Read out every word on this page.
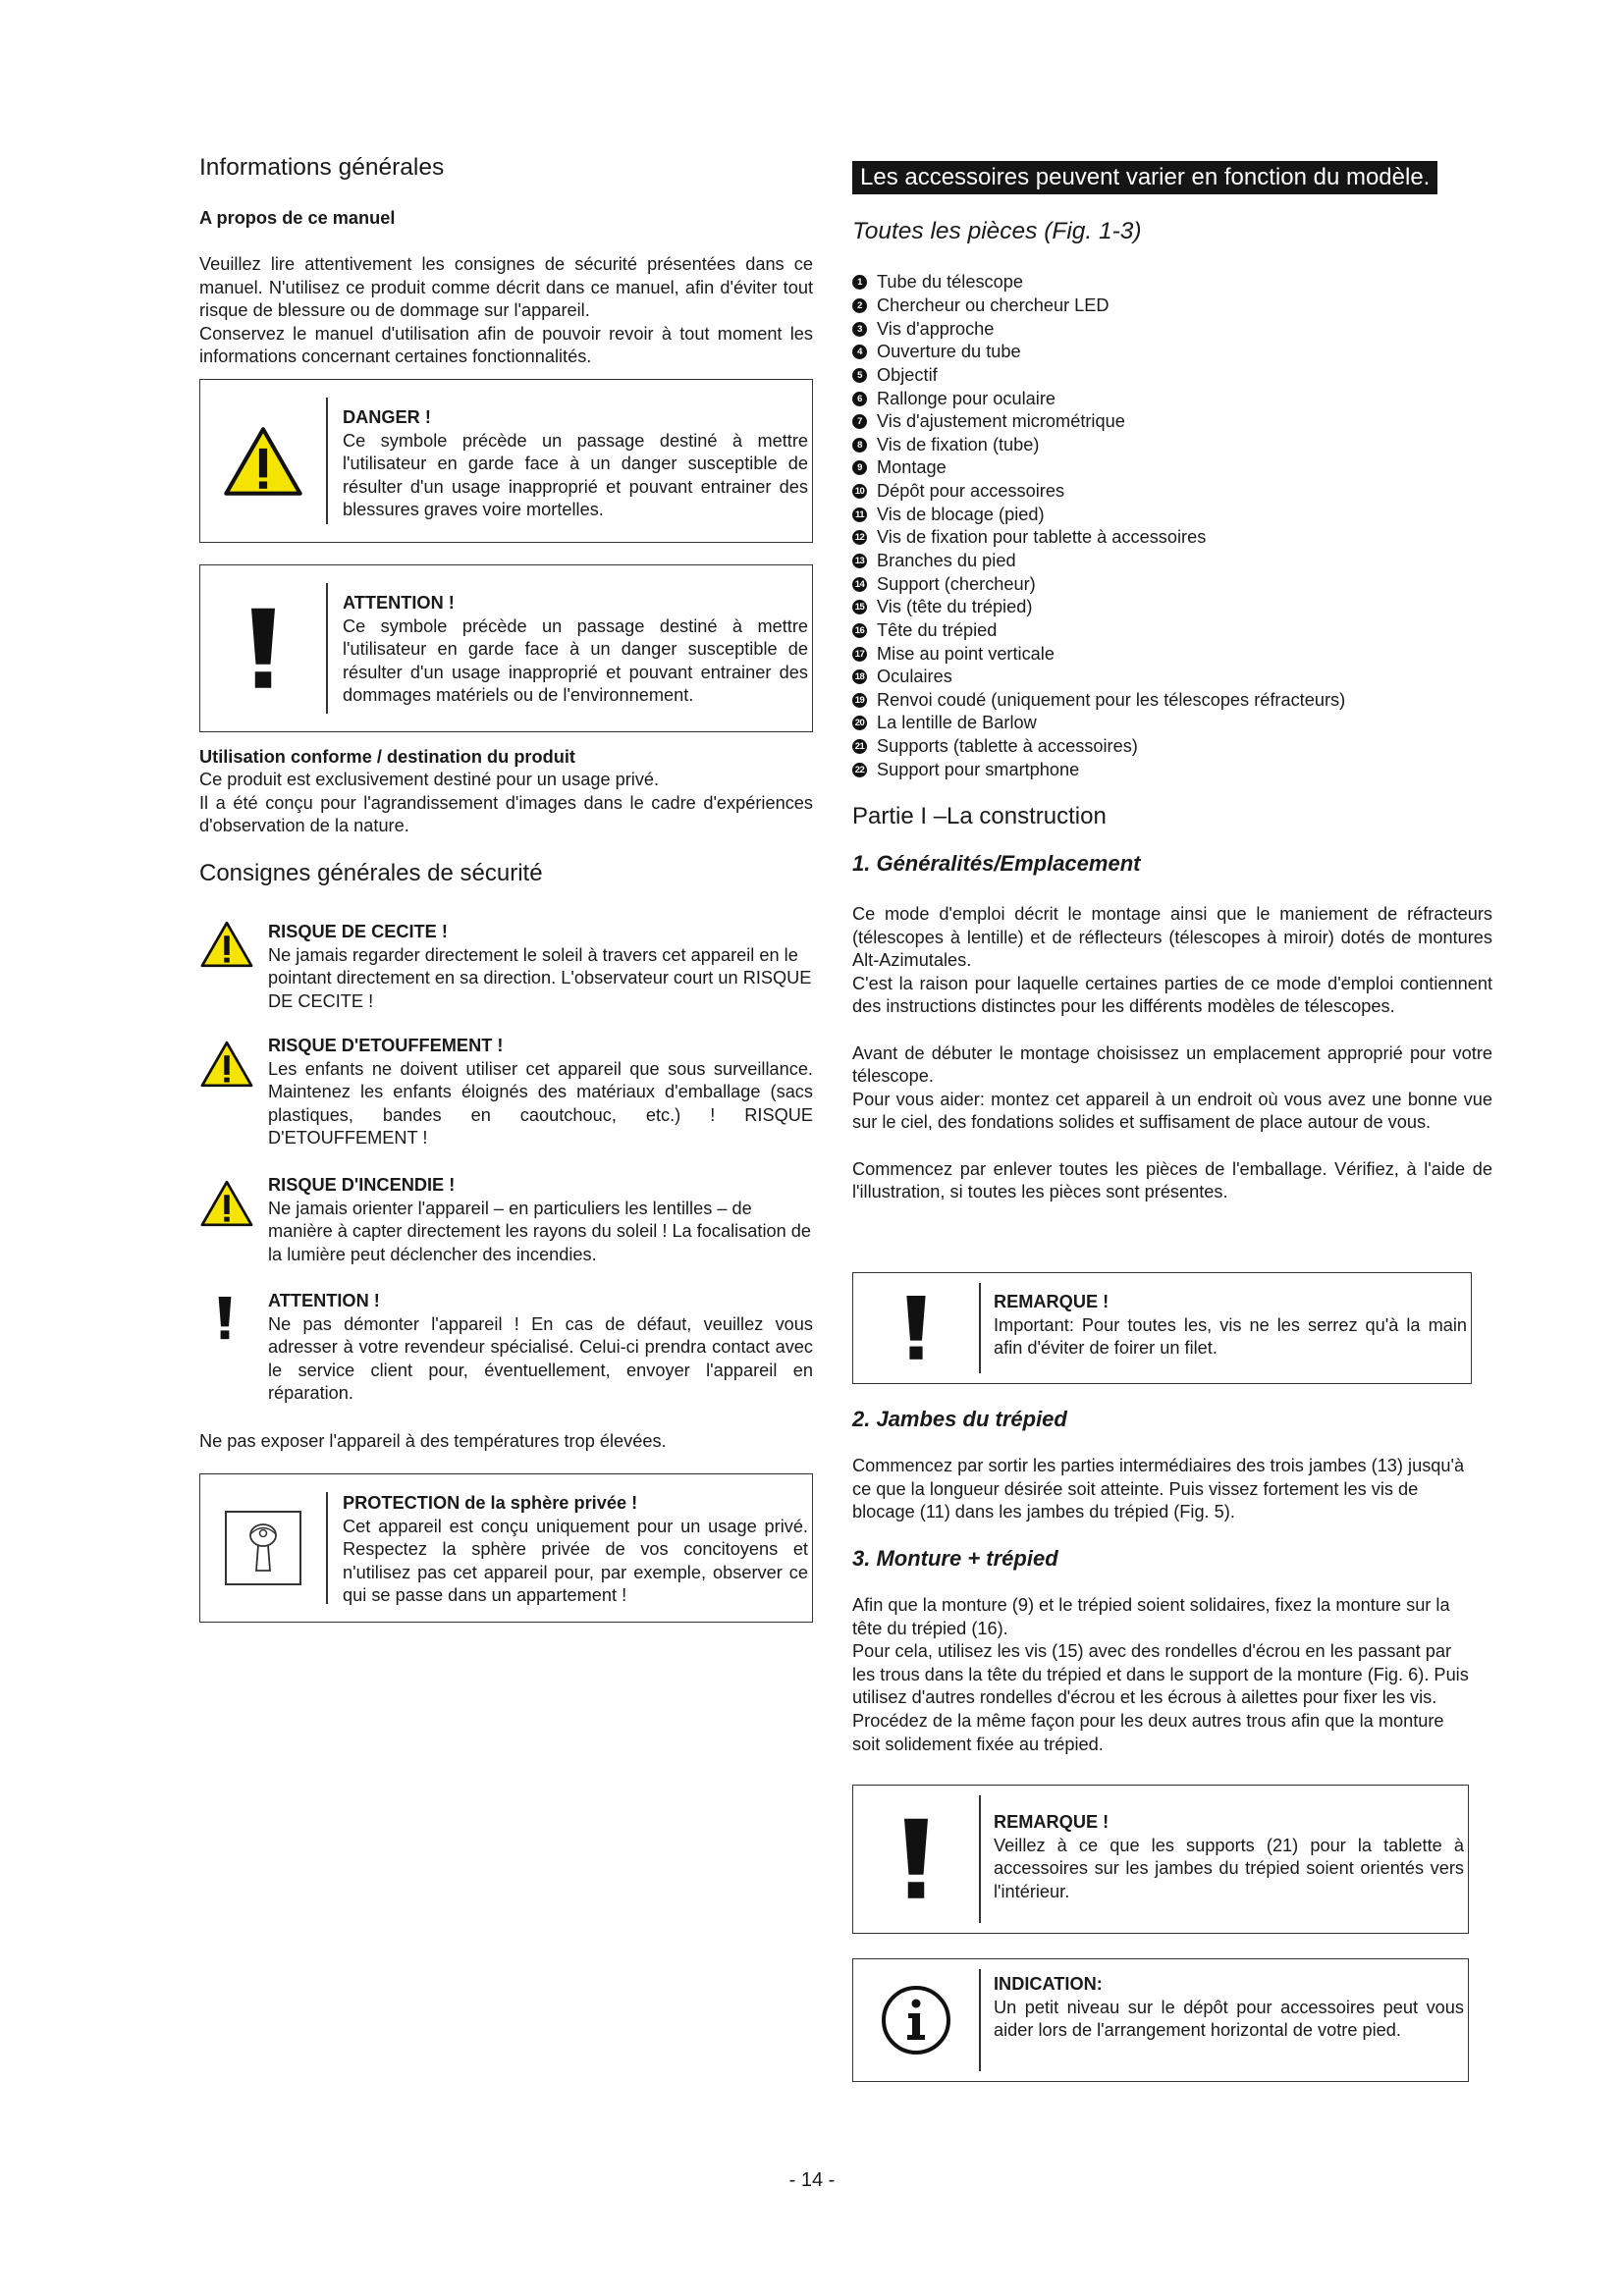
Informations générales

A propos de ce manuel

Veuillez lire attentivement les consignes de sécurité présentées dans ce manuel. N'utilisez ce produit comme décrit dans ce manuel, afin d'éviter tout risque de blessure ou de dommage sur l'appareil.

Conservez le manuel d'utilisation afin de pouvoir revoir à tout moment les informations concernant certaines fonctionnalités.

DANGER !

Ce symbole précède un passage destiné à mettre l'utilisateur en garde face à un danger susceptible de résulter d'un usage inapproprié et pouvant entrainer des blessures graves voire mortelles.

ATTENTION !

Ce symbole précède un passage destiné à mettre l'utilisateur en garde face à un danger susceptible de résulter d'un usage inapproprié et pouvant entrainer des dommages matériels ou de l'environnement.

Utilisation conforme / destination du produit

Ce produit est exclusivement destiné pour un usage privé.

Il a été conçu pour l'agrandissement d'images dans le cadre d'expériences d'observation de la nature.

Consignes générales de sécurité

RISQUE DE CECITE !

Ne jamais regarder directement le soleil à travers cet appareil en le pointant directement en sa direction. L'observateur court un RISQUE DE CECITE !

RISQUE D'ETOUFFEMENT !

Les enfants ne doivent utiliser cet appareil que sous surveillance. Maintenez les enfants éloignés des matériaux d'emballage (sacs plastiques, bandes en caoutchouc, etc.) ! RISQUE D'ETOUFFEMENT !

RISQUE D'INCENDIE !

Ne jamais orienter l'appareil – en particuliers les lentilles – de manière à capter directement les rayons du soleil ! La focalisation de la lumière peut déclencher des incendies.

ATTENTION !

Ne pas démonter l'appareil ! En cas de défaut, veuillez vous adresser à votre revendeur spécialisé. Celui-ci prendra contact avec le service client pour, éventuellement, envoyer l'appareil en réparation.

Ne pas exposer l'appareil à des températures trop élevées.

PROTECTION de la sphère privée !

Cet appareil est conçu uniquement pour un usage privé. Respectez la sphère privée de vos concitoyens et n'utilisez pas cet appareil pour, par exemple, observer ce qui se passe dans un appartement !

Les accessoires peuvent varier en fonction du modèle.
Toutes les pièces (Fig. 1-3)
1 Tube du télescope
2 Chercheur ou chercheur LED
3 Vis d'approche
4 Ouverture du tube
5 Objectif
6 Rallonge pour oculaire
7 Vis d'ajustement micrométrique
8 Vis de fixation (tube)
9 Montage
10 Dépôt pour accessoires
11 Vis de blocage (pied)
12 Vis de fixation pour tablette à accessoires
13 Branches du pied
14 Support (chercheur)
15 Vis (tête du trépied)
16 Tête du trépied
17 Mise au point verticale
18 Oculaires
19 Renvoi coudé (uniquement pour les télescopes réfracteurs)
20 La lentille de Barlow
21 Supports (tablette à accessoires)
22 Support pour smartphone
Partie I –La construction
1. Généralités/Emplacement

Ce mode d'emploi décrit le montage ainsi que le maniement de réfracteurs (télescopes à lentille) et de réflecteurs (télescopes à miroir) dotés de montures Alt-Azimutales.

C'est la raison pour laquelle certaines parties de ce mode d'emploi contiennent des instructions distinctes pour les différents modèles de télescopes.

Avant de débuter le montage choisissez un emplacement approprié pour votre télescope.

Pour vous aider: montez cet appareil à un endroit où vous avez une bonne vue sur le ciel, des fondations solides et suffisament de place autour de vous.

Commencez par enlever toutes les pièces de l'emballage. Vérifiez, à l'aide de l'illustration, si toutes les pièces sont présentes.

REMARQUE !

Important: Pour toutes les, vis ne les serrez qu'à la main afin d'éviter de foirer un filet.

2. Jambes du trépied

Commencez par sortir les parties intermédiaires des trois jambes (13) jusqu'à ce que la longueur désirée soit atteinte. Puis vissez fortement les vis de blocage (11) dans les jambes du trépied (Fig. 5).

3. Monture + trépied

Afin que la monture (9) et le trépied soient solidaires, fixez la monture sur la tête du trépied (16).

Pour cela, utilisez les vis (15) avec des rondelles d'écrou en les passant par les trous dans la tête du trépied et dans le support de la monture (Fig. 6). Puis utilisez d'autres rondelles d'écrou et les écrous à ailettes pour fixer les vis. Procédez de la même façon pour les deux autres trous afin que la monture soit solidement fixée au trépied.

REMARQUE !

Veillez à ce que les supports (21) pour la tablette à accessoires sur les jambes du trépied soient orientés vers l'intérieur.

INDICATION:

Un petit niveau sur le dépôt pour accessoires peut vous aider lors de l'arrangement horizontal de votre pied.

- 14 -
